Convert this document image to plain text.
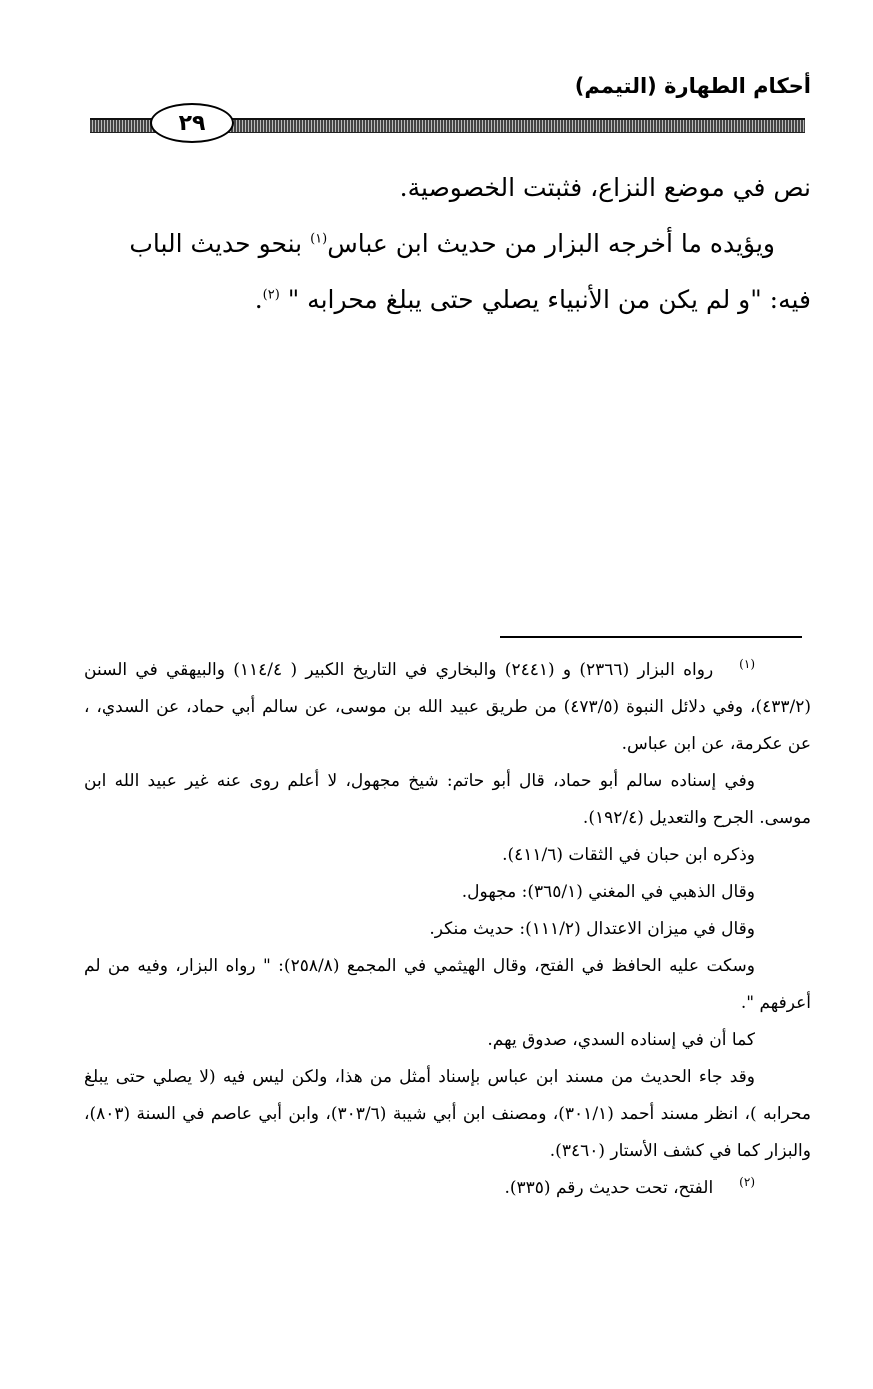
أحكام الطهارة (التيمم)
٢٩

نص في موضع النزاع، فثبتت الخصوصية.

ويؤيده ما أخرجه البزار من حديث ابن عباس$^{(١)}$ بنحو حديث الباب فيه: "و لم يكن من الأنبياء يصلي حتى يبلغ محرابه " $^{(٢)}$.

$^{(١)}$رواه البزار (٢٣٦٦) و (٢٤٤١) والبخاري في التاريخ الكبير ( ١١٤/٤) والبيهقي في السنن (٤٣٣/٢)، وفي دلائل النبوة (٤٧٣/٥) من طريق عبيد الله بن موسى، عن سالم أبي حماد، عن السدي، ، عن عكرمة، عن ابن عباس.

وفي إسناده سالم أبو حماد، قال أبو حاتم: شيخ مجهول، لا أعلم روى عنه غير عبيد الله ابن موسى. الجرح والتعديل (١٩٢/٤).

وذكره ابن حبان في الثقات (٤١١/٦).

وقال الذهبي في المغني (٣٦٥/١): مجهول.

وقال في ميزان الاعتدال (١١١/٢): حديث منكر.

وسكت عليه الحافظ في الفتح، وقال الهيثمي في المجمع (٢٥٨/٨): " رواه البزار، وفيه من لم أعرفهم ".

كما أن في إسناده السدي، صدوق يهم.

وقد جاء الحديث من مسند ابن عباس بإسناد أمثل من هذا، ولكن ليس فيه (لا يصلي حتى يبلغ محرابه )، انظر مسند أحمد (٣٠١/١)، ومصنف ابن أبي شيبة (٣٠٣/٦)، وابن أبي عاصم في السنة (٨٠٣)، والبزار كما في كشف الأستار (٣٤٦٠).

$^{(٢)}$الفتح، تحت حديث رقم (٣٣٥).
